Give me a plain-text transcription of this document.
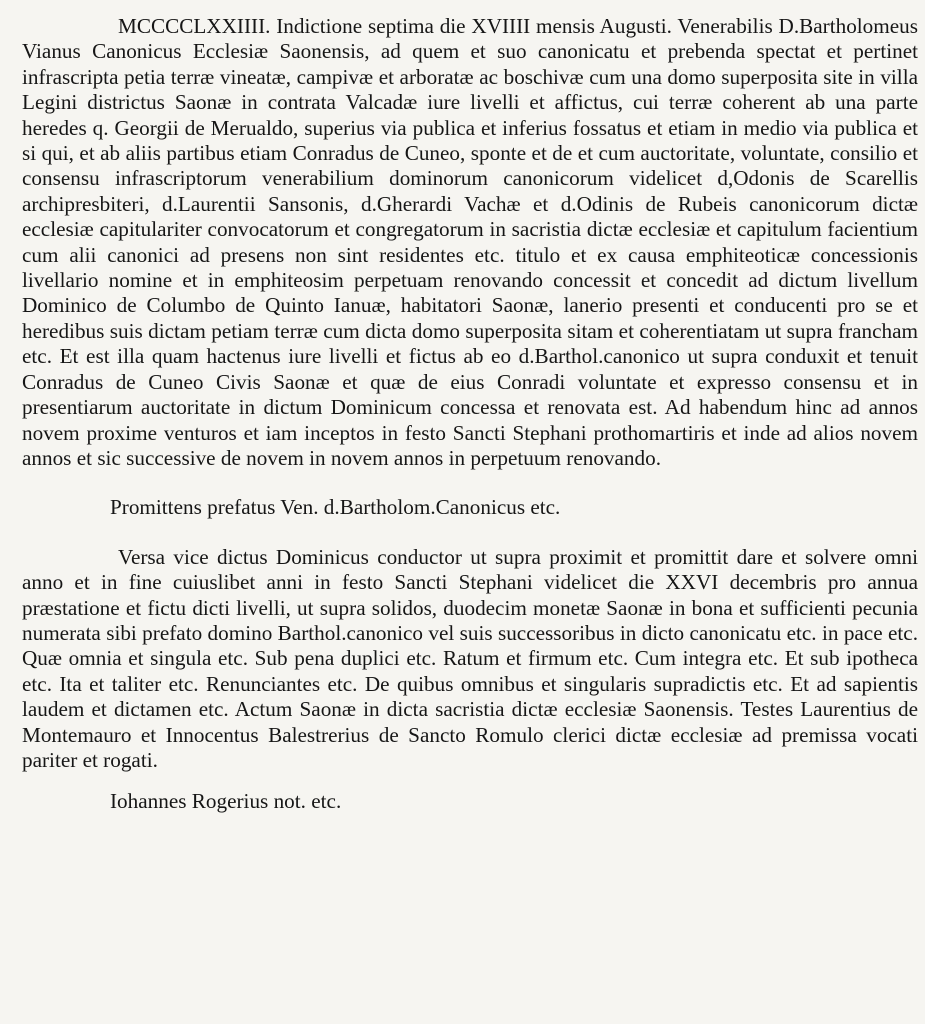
MCCCCLXXIIII. Indictione septima die XVIIII mensis Augusti. Venerabilis D.Bartholomeus Vianus Canonicus Ecclesiæ Saonensis, ad quem et suo canonicatu et prebenda spectat et pertinet infrascripta petia terræ vineatæ, campivæ et arboratæ ac boschivæ cum una domo superposita site in villa Legini districtus Saonæ in contrata Valcadæ iure livelli et affictus, cui terræ coherent ab una parte heredes q. Georgii de Merualdo, superius via publica et inferius fossatus et etiam in medio via publica et si qui, et ab aliis partibus etiam Conradus de Cuneo, sponte et de et cum auctoritate, voluntate, consilio et consensu infrascriptorum venerabilium dominorum canonicorum videlicet d,Odonis de Scarellis archipresbiteri, d.Laurentii Sansonis, d.Gherardi Vachæ et d.Odinis de Rubeis canonicorum dictæ ecclesiæ capitulariter convocatorum et congregatorum in sacristia dictæ ecclesiæ et capitulum facientium cum alii canonici ad presens non sint residentes etc. titulo et ex causa emphiteoticæ concessionis livellario nomine et in emphiteosim perpetuam renovando concessit et concedit ad dictum livellum Dominico de Columbo de Quinto Ianuæ, habitatori Saonæ, lanerio presenti et conducenti pro se et heredibus suis dictam petiam terræ cum dicta domo superposita sitam et coherentiatam ut supra francham etc. Et est illa quam hactenus iure livelli et fictus ab eo d.Barthol.canonico ut supra conduxit et tenuit Conradus de Cuneo Civis Saonæ et quæ de eius Conradi voluntate et expresso consensu et in presentiarum auctoritate in dictum Dominicum concessa et renovata est. Ad habendum hinc ad annos novem proxime venturos et iam inceptos in festo Sancti Stephani prothomartiris et inde ad alios novem annos et sic successive de novem in novem annos in perpetuum renovando.

Promittens prefatus Ven. d.Bartholom.Canonicus etc.

Versa vice dictus Dominicus conductor ut supra proximit et promittit dare et solvere omni anno et in fine cuiuslibet anni in festo Sancti Stephani videlicet die XXVI decembris pro annua præstatione et fictu dicti livelli, ut supra solidos, duodecim monetæ Saonæ in bona et sufficienti pecunia numerata sibi prefato domino Barthol.canonico vel suis successoribus in dicto canonicatu etc. in pace etc. Quæ omnia et singula etc. Sub pena duplici etc. Ratum et firmum etc. Cum integra etc. Et sub ipotheca etc. Ita et taliter etc. Renunciantes etc. De quibus omnibus et singularis supradictis etc. Et ad sapientis laudem et dictamen etc. Actum Saonæ in dicta sacristia dictæ ecclesiæ Saonensis. Testes Laurentius de Montemauro et Innocentus Balestrerius de Sancto Romulo clerici dictæ ecclesiæ ad premissa vocati pariter et rogati.

Iohannes Rogerius not. etc.
